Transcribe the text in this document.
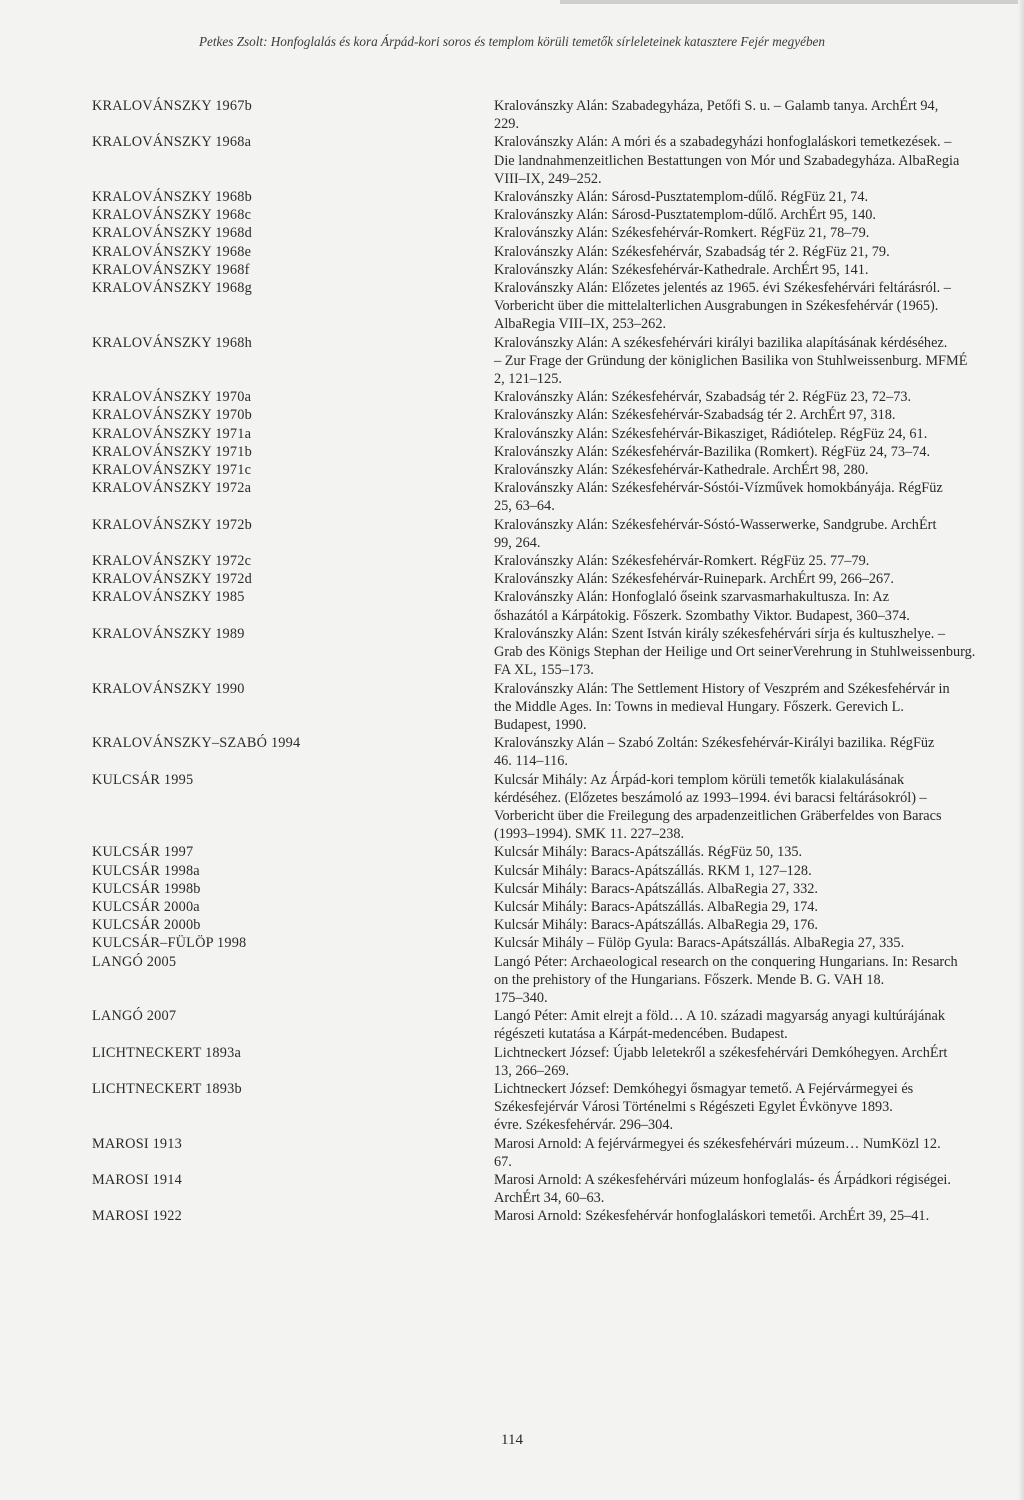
Petkes Zsolt: Honfoglalás és kora Árpád-kori soros és templom körüli temetők sírleleteinek katasztere Fejér megyében
KRALOVÁNSZKY 1967b	Kralovánszky Alán: Szabadegyháza, Petőfi S. u. – Galamb tanya. ArchÉrt 94,
229.
KRALOVÁNSZKY 1968a	Kralovánszky Alán: A móri és a szabadegyházi honfoglaláskori temetkezések. –
Die landnahmenzeitlichen Bestattungen von Mór und Szabadegyháza. AlbaRegia
VIII–IX, 249–252.
KRALOVÁNSZKY 1968b	Kralovánszky Alán: Sárosd-Pusztatemplom-dűlő. RégFüz 21, 74.
KRALOVÁNSZKY 1968c	Kralovánszky Alán: Sárosd-Pusztatemplom-dűlő. ArchÉrt 95, 140.
KRALOVÁNSZKY 1968d	Kralovánszky Alán: Székesfehérvár-Romkert. RégFüz 21, 78–79.
KRALOVÁNSZKY 1968e	Kralovánszky Alán: Székesfehérvár, Szabadság tér 2. RégFüz 21, 79.
KRALOVÁNSZKY 1968f	Kralovánszky Alán: Székesfehérvár-Kathedrale. ArchÉrt 95, 141.
KRALOVÁNSZKY 1968g	Kralovánszky Alán: Előzetes jelentés az 1965. évi Székesfehérvári feltárásról. –
Vorbericht über die mittelalterlichen Ausgrabungen in Székesfehérvár (1965).
AlbaRegia VIII–IX, 253–262.
KRALOVÁNSZKY 1968h	Kralovánszky Alán: A székesfehérvári királyi bazilika alapításának kérdéséhez.
– Zur Frage der Gründung der königlichen Basilika von Stuhlweissenburg. MFMÉ
2, 121–125.
KRALOVÁNSZKY 1970a	Kralovánszky Alán: Székesfehérvár, Szabadság tér 2. RégFüz 23, 72–73.
KRALOVÁNSZKY 1970b	Kralovánszky Alán: Székesfehérvár-Szabadság tér 2. ArchÉrt 97, 318.
KRALOVÁNSZKY 1971a	Kralovánszky Alán: Székesfehérvár-Bikasziget, Rádiótelep. RégFüz 24, 61.
KRALOVÁNSZKY 1971b	Kralovánszky Alán: Székesfehérvár-Bazilika (Romkert). RégFüz 24, 73–74.
KRALOVÁNSZKY 1971c	Kralovánszky Alán: Székesfehérvár-Kathedrale. ArchÉrt 98, 280.
KRALOVÁNSZKY 1972a	Kralovánszky Alán: Székesfehérvár-Sóstói-Vízművek homokbányája. RégFüz
25, 63–64.
KRALOVÁNSZKY 1972b	Kralovánszky Alán: Székesfehérvár-Sóstó-Wasserwerke, Sandgrube. ArchÉrt
99, 264.
KRALOVÁNSZKY 1972c	Kralovánszky Alán: Székesfehérvár-Romkert. RégFüz 25. 77–79.
KRALOVÁNSZKY 1972d	Kralovánszky Alán: Székesfehérvár-Ruinepark. ArchÉrt 99, 266–267.
KRALOVÁNSZKY 1985	Kralovánszky Alán: Honfoglaló őseink szarvasmarhakultusza. In: Az
őshazától a Kárpátokig. Főszerk. Szombathy Viktor. Budapest, 360–374.
KRALOVÁNSZKY 1989	Kralovánszky Alán: Szent István király székesfehérvári sírja és kultuszhelye. –
Grab des Königs Stephan der Heilige und Ort seinerVerehrung in Stuhlweissenburg.
FA XL, 155–173.
KRALOVÁNSZKY 1990	Kralovánszky Alán: The Settlement History of Veszprém and Székesfehérvár in
the Middle Ages. In: Towns in medieval Hungary. Főszerk. Gerevich L.
Budapest, 1990.
KRALOVÁNSZKY–SZABÓ 1994	Kralovánszky Alán – Szabó Zoltán: Székesfehérvár-Királyi bazilika. RégFüz
46. 114–116.
KULCSÁR 1995	Kulcsár Mihály: Az Árpád-kori templom körüli temetők kialakulásának
kérdéséhez. (Előzetes beszámoló az 1993–1994. évi baracsi feltárásokról) –
Vorbericht über die Freilegung des arpadenzeitlichen Gräberfeldes von Baracs
(1993–1994). SMK 11. 227–238.
KULCSÁR 1997	Kulcsár Mihály: Baracs-Apátszállás. RégFüz 50, 135.
KULCSÁR 1998a	Kulcsár Mihály: Baracs-Apátszállás. RKM 1, 127–128.
KULCSÁR 1998b	Kulcsár Mihály: Baracs-Apátszállás. AlbaRegia 27, 332.
KULCSÁR 2000a	Kulcsár Mihály: Baracs-Apátszállás. AlbaRegia 29, 174.
KULCSÁR 2000b	Kulcsár Mihály: Baracs-Apátszállás. AlbaRegia 29, 176.
KULCSÁR–FÜLÖP 1998	Kulcsár Mihály – Fülöp Gyula: Baracs-Apátszállás. AlbaRegia 27, 335.
LANGÓ 2005	Langó Péter: Archaeological research on the conquering Hungarians. In: Resarch
on the prehistory of the Hungarians. Főszerk. Mende B. G. VAH 18.
175–340.
LANGÓ 2007	Langó Péter: Amit elrejt a föld… A 10. századi magyarság anyagi kultúrájának
régészeti kutatása a Kárpát-medencében. Budapest.
LICHTNECKERT 1893a	Lichtneckert József: Újabb leletekről a székesfehérvári Demkóhegyen. ArchÉrt
13, 266–269.
LICHTNECKERT 1893b	Lichtneckert József: Demkóhegyi ősmagyar temető. A Fejérvármegyei és
Székesfejérvár Városi Történelmi s Régészeti Egylet Évkönyve 1893.
évre. Székesfehérvár. 296–304.
MAROSI 1913	Marosi Arnold: A fejérvármegyei és székesfehérvári múzeum… NumKözl 12.
67.
MAROSI 1914	Marosi Arnold: A székesfehérvári múzeum honfoglalás- és Árpádkori régiségei.
ArchÉrt 34, 60–63.
MAROSI 1922	Marosi Arnold: Székesfehérvár honfoglaláskori temetői. ArchÉrt 39, 25–41.
114
